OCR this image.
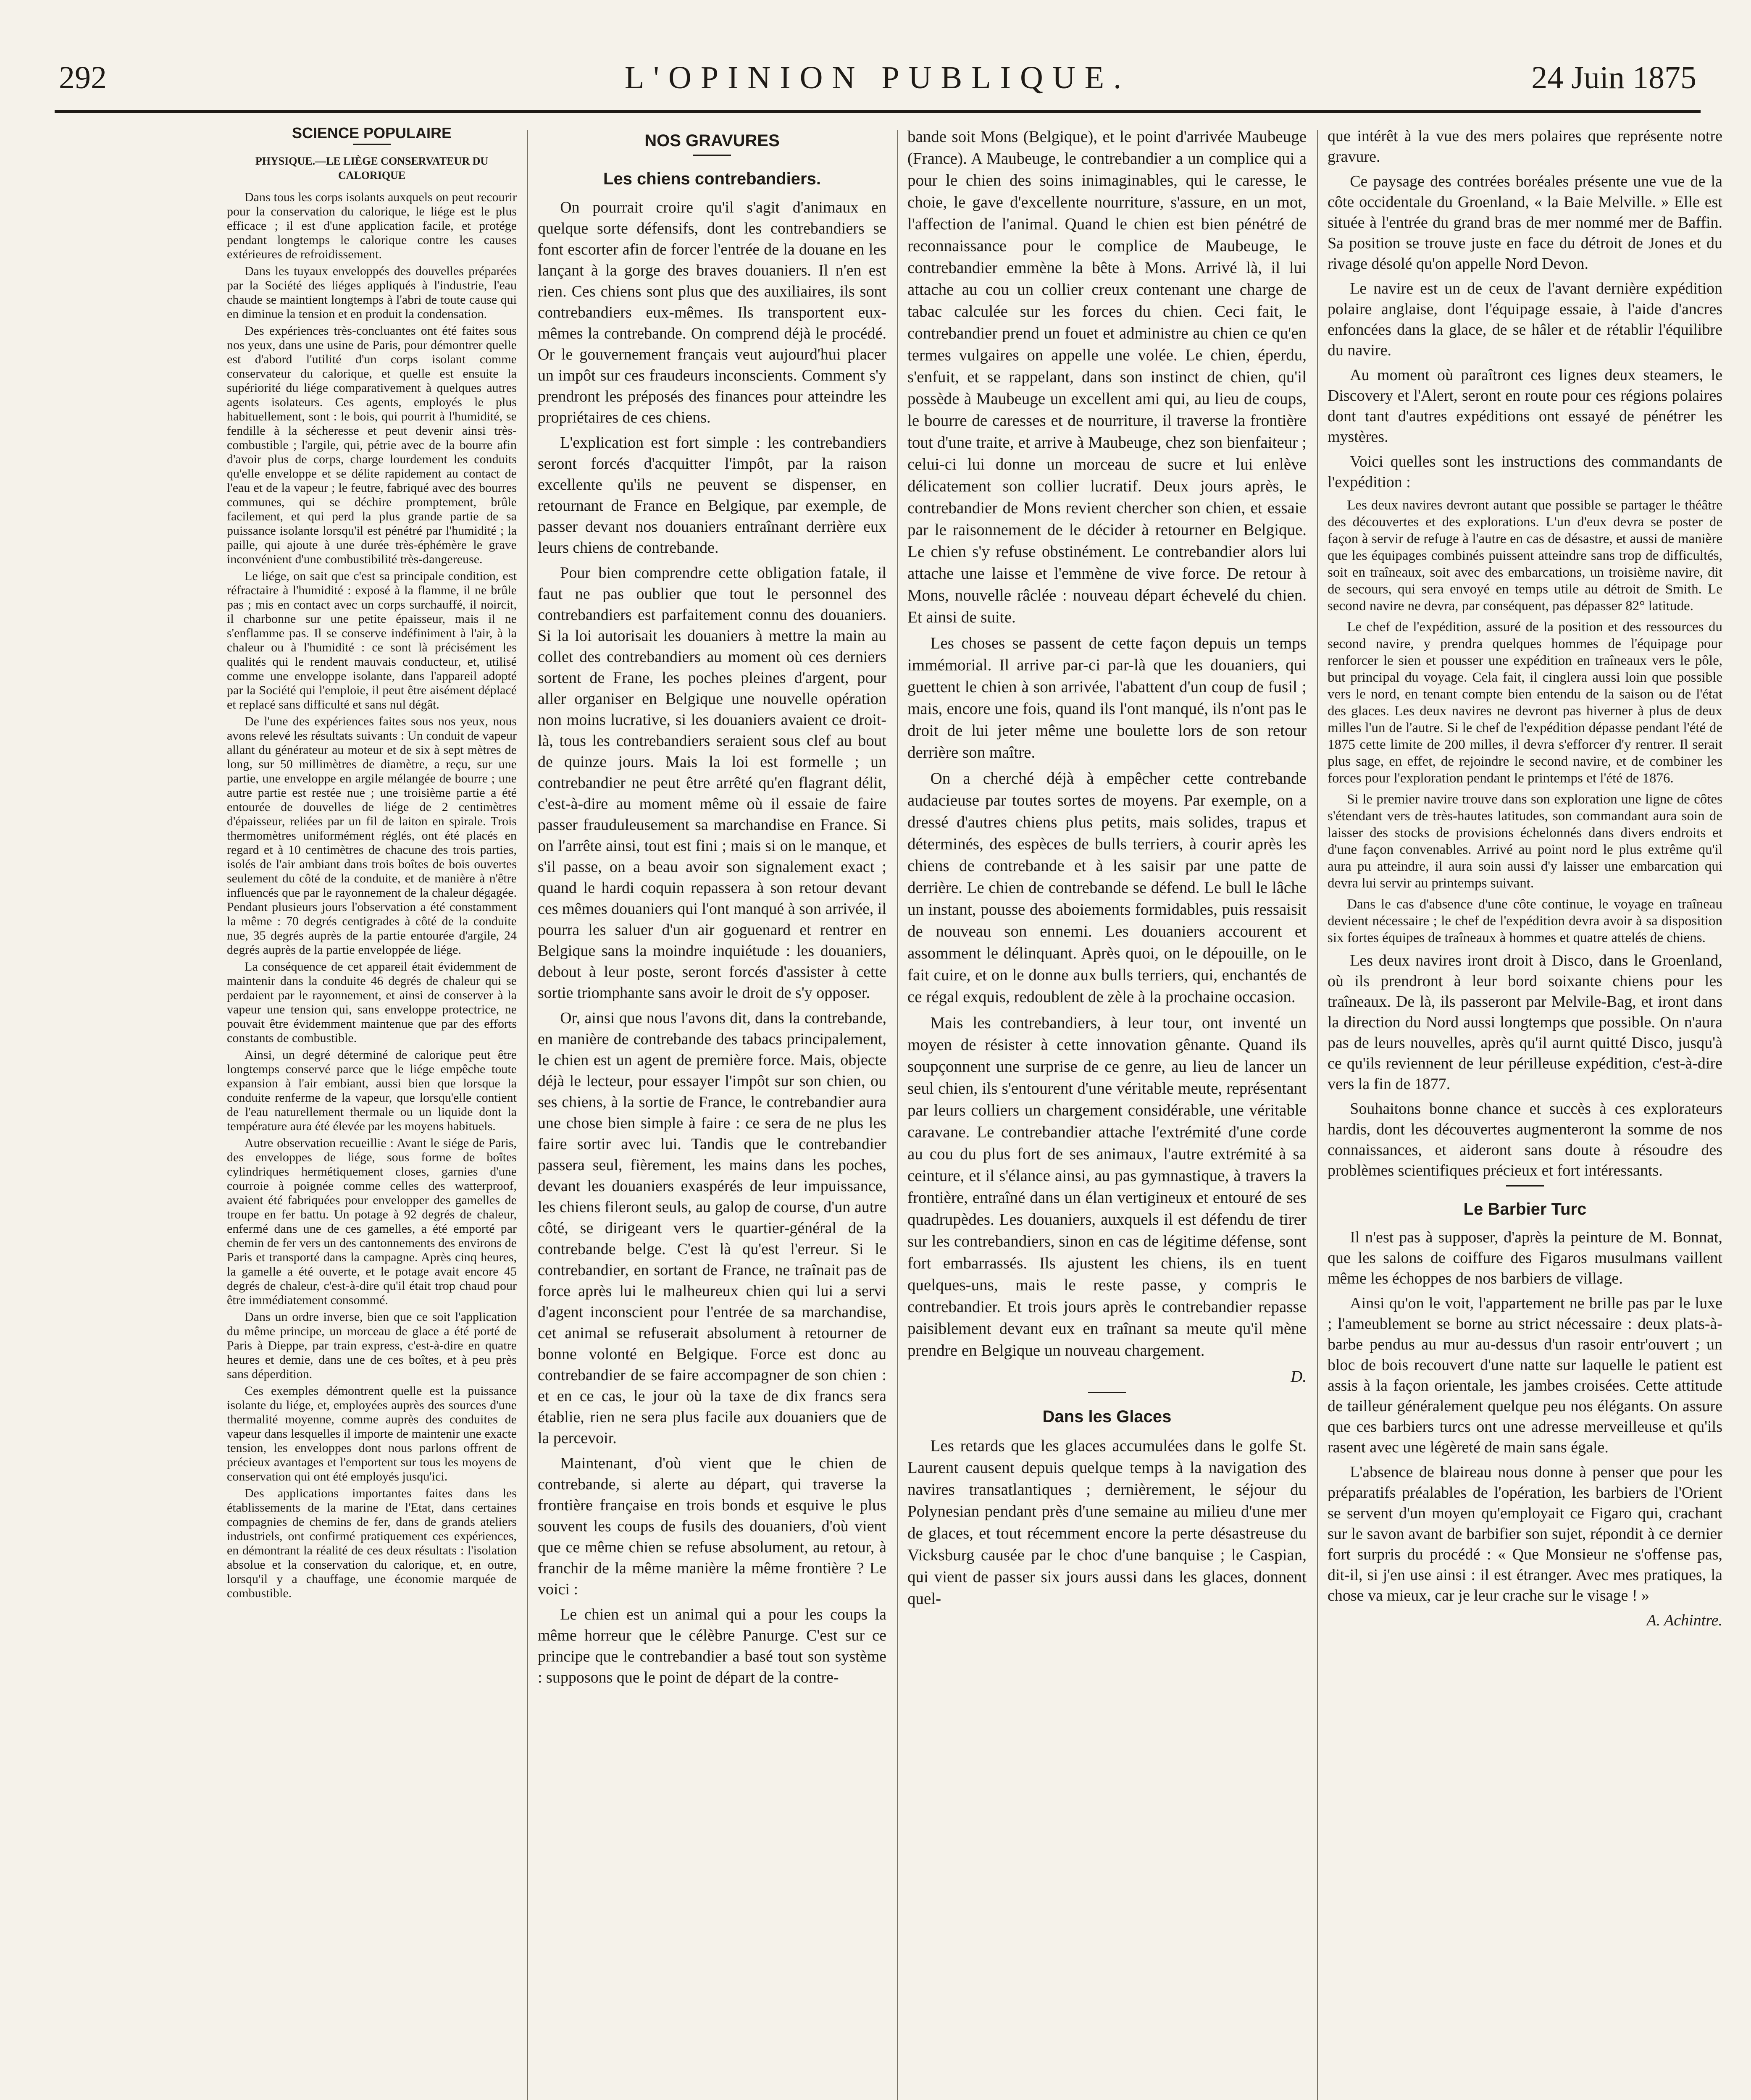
292	L'OPINION PUBLIQUE.	24 Juin 1875
SCIENCE POPULAIRE
PHYSIQUE.—LE LIÈGE CONSERVATEUR DU CALORIQUE

Dans tous les corps isolants auxquels on peut recourir pour la conservation du calorique, le liége est le plus efficace ; il est d'une application facile, et protége pendant longtemps le calorique contre les causes extérieures de refroidissement.

Dans les tuyaux enveloppés des douvelles préparées par la Société des liéges appliqués à l'industrie, l'eau chaude se maintient longtemps à l'abri de toute cause qui en diminue la tension et en produit la condensation.

Des expériences très-concluantes ont été faites sous nos yeux, dans une usine de Paris, pour démontrer quelle est d'abord l'utilité d'un corps isolant comme conservateur du calorique, et quelle est ensuite la supériorité du liége comparativement à quelques autres agents isolateurs. Ces agents, employés le plus habituellement, sont : le bois, qui pourrit à l'humidité, se fendille à la sécheresse et peut devenir ainsi très-combustible ; l'argile, qui, pétrie avec de la bourre afin d'avoir plus de corps, charge lourdement les conduits qu'elle enveloppe et se délite rapidement au contact de l'eau et de la vapeur ; le feutre, fabriqué avec des bourres communes, qui se déchire promptement, brûle facilement, et qui perd la plus grande partie de sa puissance isolante lorsqu'il est pénétré par l'humidité ; la paille, qui ajoute à une durée très-éphémère le grave inconvénient d'une combustibilité très-dangereuse.

Le liége, on sait que c'est sa principale condition, est réfractaire à l'humidité : exposé à la flamme, il ne brûle pas ; mis en contact avec un corps surchauffé, il noircit, il charbonne sur une petite épaisseur, mais il ne s'enflamme pas. Il se conserve indéfiniment à l'air, à la chaleur ou à l'humidité : ce sont là précisément les qualités qui le rendent mauvais conducteur, et, utilisé comme une enveloppe isolante, dans l'appareil adopté par la Société qui l'emploie, il peut être aisément déplacé et replacé sans difficulté et sans nul dégât.

De l'une des expériences faites sous nos yeux, nous avons relevé les résultats suivants : Un conduit de vapeur allant du générateur au moteur et de six à sept mètres de long, sur 50 millimètres de diamètre, a reçu, sur une partie, une enveloppe en argile mélangée de bourre ; une autre partie est restée nue ; une troisième partie a été entourée de douvelles de liége de 2 centimètres d'épaisseur, reliées par un fil de laiton en spirale. Trois thermomètres uniformément réglés, ont été placés en regard et à 10 centimètres de chacune des trois parties, isolés de l'air ambiant dans trois boîtes de bois ouvertes seulement du côté de la conduite, et de manière à n'être influencés que par le rayonnement de la chaleur dégagée. Pendant plusieurs jours l'observation a été constamment la même : 70 degrés centigrades à côté de la conduite nue, 35 degrés auprès de la partie entourée d'argile, 24 degrés auprès de la partie enveloppée de liége.

La conséquence de cet appareil était évidemment de maintenir dans la conduite 46 degrés de chaleur qui se perdaient par le rayonnement, et ainsi de conserver à la vapeur une tension qui, sans enveloppe protectrice, ne pouvait être évidemment maintenue que par des efforts constants de combustible.

Ainsi, un degré déterminé de calorique peut être longtemps conservé parce que le liége empêche toute expansion à l'air embiant, aussi bien que lorsque la conduite renferme de la vapeur, que lorsqu'elle contient de l'eau naturellement thermale ou un liquide dont la température aura été élevée par les moyens habituels.

Autre observation recueillie : Avant le siége de Paris, des enveloppes de liége, sous forme de boîtes cylindriques hermétiquement closes, garnies d'une courroie à poignée comme celles des watterproof, avaient été fabriquées pour envelopper des gamelles de troupe en fer battu. Un potage à 92 degrés de chaleur, enfermé dans une de ces gamelles, a été emporté par chemin de fer vers un des cantonnements des environs de Paris et transporté dans la campagne. Après cinq heures, la gamelle a été ouverte, et le potage avait encore 45 degrés de chaleur, c'est-à-dire qu'il était trop chaud pour être immédiatement consommé.

Dans un ordre inverse, bien que ce soit l'application du même principe, un morceau de glace a été porté de Paris à Dieppe, par train express, c'est-à-dire en quatre heures et demie, dans une de ces boîtes, et à peu près sans déperdition.

Ces exemples démontrent quelle est la puissance isolante du liége, et, employées auprès des sources d'une thermalité moyenne, comme auprès des conduites de vapeur dans lesquelles il importe de maintenir une exacte tension, les enveloppes dont nous parlons offrent de précieux avantages et l'emportent sur tous les moyens de conservation qui ont été employés jusqu'ici.

Des applications importantes faites dans les établissements de la marine de l'Etat, dans certaines compagnies de chemins de fer, dans de grands ateliers industriels, ont confirmé pratiquement ces expériences, en démontrant la réalité de ces deux résultats : l'isolation absolue et la conservation du calorique, et, en outre, lorsqu'il y a chauffage, une économie marquée de combustible.

NOS GRAVURES
Les chiens contrebandiers.

On pourrait croire qu'il s'agit d'animaux en quelque sorte défensifs, dont les contrebandiers se font escorter afin de forcer l'entrée de la douane en les lançant à la gorge des braves douaniers. Il n'en est rien. Ces chiens sont plus que des auxiliaires, ils sont contrebandiers eux-mêmes. Ils transportent eux-mêmes la contrebande. On comprend déjà le procédé. Or le gouvernement français veut aujourd'hui placer un impôt sur ces fraudeurs inconscients. Comment s'y prendront les préposés des finances pour atteindre les propriétaires de ces chiens.

L'explication est fort simple : les contrebandiers seront forcés d'acquitter l'impôt, par la raison excellente qu'ils ne peuvent se dispenser, en retournant de France en Belgique, par exemple, de passer devant nos douaniers entraînant derrière eux leurs chiens de contrebande.

Pour bien comprendre cette obligation fatale, il faut ne pas oublier que tout le personnel des contrebandiers est parfaitement connu des douaniers. Si la loi autorisait les douaniers à mettre la main au collet des contrebandiers au moment où ces derniers sortent de Frane, les poches pleines d'argent, pour aller organiser en Belgique une nouvelle opération non moins lucrative, si les douaniers avaient ce droit-là, tous les contrebandiers seraient sous clef au bout de quinze jours. Mais la loi est formelle ; un contrebandier ne peut être arrêté qu'en flagrant délit, c'est-à-dire au moment même où il essaie de faire passer frauduleusement sa marchandise en France. Si on l'arrête ainsi, tout est fini ; mais si on le manque, et s'il passe, on a beau avoir son signalement exact ; quand le hardi coquin repassera à son retour devant ces mêmes douaniers qui l'ont manqué à son arrivée, il pourra les saluer d'un air goguenard et rentrer en Belgique sans la moindre inquiétude : les douaniers, debout à leur poste, seront forcés d'assister à cette sortie triomphante sans avoir le droit de s'y opposer.

Or, ainsi que nous l'avons dit, dans la contrebande, en manière de contrebande des tabacs principalement, le chien est un agent de première force. Mais, objecte déjà le lecteur, pour essayer l'impôt sur son chien, ou ses chiens, à la sortie de France, le contrebandier aura une chose bien simple à faire : ce sera de ne plus les faire sortir avec lui. Tandis que le contrebandier passera seul, fièrement, les mains dans les poches, devant les douaniers exaspérés de leur impuissance, les chiens fileront seuls, au galop de course, d'un autre côté, se dirigeant vers le quartier-général de la contrebande belge. C'est là qu'est l'erreur. Si le contrebandier, en sortant de France, ne traînait pas de force après lui le malheureux chien qui lui a servi d'agent inconscient pour l'entrée de sa marchandise, cet animal se refuserait absolument à retourner de bonne volonté en Belgique. Force est donc au contrebandier de se faire accompagner de son chien : et en ce cas, le jour où la taxe de dix francs sera établie, rien ne sera plus facile aux douaniers que de la percevoir.

Maintenant, d'où vient que le chien de contrebande, si alerte au départ, qui traverse la frontière française en trois bonds et esquive le plus souvent les coups de fusils des douaniers, d'où vient que ce même chien se refuse absolument, au retour, à franchir de la même manière la même frontière ? Le voici :

Le chien est un animal qui a pour les coups la même horreur que le célèbre Panurge. C'est sur ce principe que le contrebandier a basé tout son système : supposons que le point de départ de la contre-

bande soit Mons (Belgique), et le point d'arrivée Maubeuge (France). A Maubeuge, le contrebandier a un complice qui a pour le chien des soins inimaginables, qui le caresse, le choie, le gave d'excellente nourriture, s'assure, en un mot, l'affection de l'animal. Quand le chien est bien pénétré de reconnaissance pour le complice de Maubeuge, le contrebandier emmène la bête à Mons. Arrivé là, il lui attache au cou un collier creux contenant une charge de tabac calculée sur les forces du chien. Ceci fait, le contrebandier prend un fouet et administre au chien ce qu'en termes vulgaires on appelle une volée. Le chien, éperdu, s'enfuit, et se rappelant, dans son instinct de chien, qu'il possède à Maubeuge un excellent ami qui, au lieu de coups, le bourre de caresses et de nourriture, il traverse la frontière tout d'une traite, et arrive à Maubeuge, chez son bienfaiteur ; celui-ci lui donne un morceau de sucre et lui enlève délicatement son collier lucratif. Deux jours après, le contrebandier de Mons revient chercher son chien, et essaie par le raisonnement de le décider à retourner en Belgique. Le chien s'y refuse obstinément. Le contrebandier alors lui attache une laisse et l'emmène de vive force. De retour à Mons, nouvelle râclée : nouveau départ échevelé du chien. Et ainsi de suite.

Les choses se passent de cette façon depuis un temps immémorial. Il arrive par-ci par-là que les douaniers, qui guettent le chien à son arrivée, l'abattent d'un coup de fusil ; mais, encore une fois, quand ils l'ont manqué, ils n'ont pas le droit de lui jeter même une boulette lors de son retour derrière son maître.

On a cherché déjà à empêcher cette contrebande audacieuse par toutes sortes de moyens. Par exemple, on a dressé d'autres chiens plus petits, mais solides, trapus et déterminés, des espèces de bulls terriers, à courir après les chiens de contrebande et à les saisir par une patte de derrière. Le chien de contrebande se défend. Le bull le lâche un instant, pousse des aboiements formidables, puis ressaisit de nouveau son ennemi. Les douaniers accourent et assomment le délinquant. Après quoi, on le dépouille, on le fait cuire, et on le donne aux bulls terriers, qui, enchantés de ce régal exquis, redoublent de zèle à la prochaine occasion.

Mais les contrebandiers, à leur tour, ont inventé un moyen de résister à cette innovation gênante. Quand ils soupçonnent une surprise de ce genre, au lieu de lancer un seul chien, ils s'entourent d'une véritable meute, représentant par leurs colliers un chargement considérable, une véritable caravane. Le contrebandier attache l'extrémité d'une corde au cou du plus fort de ses animaux, l'autre extrémité à sa ceinture, et il s'élance ainsi, au pas gymnastique, à travers la frontière, entraîné dans un élan vertigineux et entouré de ses quadrupèdes. Les douaniers, auxquels il est défendu de tirer sur les contrebandiers, sinon en cas de légitime défense, sont fort embarrassés. Ils ajustent les chiens, ils en tuent quelques-uns, mais le reste passe, y compris le contrebandier. Et trois jours après le contrebandier repasse paisiblement devant eux en traînant sa meute qu'il mène prendre en Belgique un nouveau chargement.

D.

Dans les Glaces

Les retards que les glaces accumulées dans le golfe St. Laurent causent depuis quelque temps à la navigation des navires transatlantiques ; dernièrement, le séjour du Polynesian pendant près d'une semaine au milieu d'une mer de glaces, et tout récemment encore la perte désastreuse du Vicksburg causée par le choc d'une banquise ; le Caspian, qui vient de passer six jours aussi dans les glaces, donnent quel-

que intérêt à la vue des mers polaires que représente notre gravure.

Ce paysage des contrées boréales présente une vue de la côte occidentale du Groenland, « la Baie Melville. » Elle est située à l'entrée du grand bras de mer nommé mer de Baffin. Sa position se trouve juste en face du détroit de Jones et du rivage désolé qu'on appelle Nord Devon.

Le navire est un de ceux de l'avant dernière expédition polaire anglaise, dont l'équipage essaie, à l'aide d'ancres enfoncées dans la glace, de se hâler et de rétablir l'équilibre du navire.

Au moment où paraîtront ces lignes deux steamers, le Discovery et l'Alert, seront en route pour ces régions polaires dont tant d'autres expéditions ont essayé de pénétrer les mystères.

Voici quelles sont les instructions des commandants de l'expédition :

Les deux navires devront autant que possible se partager le théâtre des découvertes et des explorations. L'un d'eux devra se poster de façon à servir de refuge à l'autre en cas de désastre, et aussi de manière que les équipages combinés puissent atteindre sans trop de difficultés, soit en traîneaux, soit avec des embarcations, un troisième navire, dit de secours, qui sera envoyé en temps utile au détroit de Smith. Le second navire ne devra, par conséquent, pas dépasser 82° latitude.

Le chef de l'expédition, assuré de la position et des ressources du second navire, y prendra quelques hommes de l'équipage pour renforcer le sien et pousser une expédition en traîneaux vers le pôle, but principal du voyage. Cela fait, il cinglera aussi loin que possible vers le nord, en tenant compte bien entendu de la saison ou de l'état des glaces. Les deux navires ne devront pas hiverner à plus de deux milles l'un de l'autre. Si le chef de l'expédition dépasse pendant l'été de 1875 cette limite de 200 milles, il devra s'efforcer d'y rentrer. Il serait plus sage, en effet, de rejoindre le second navire, et de combiner les forces pour l'exploration pendant le printemps et l'été de 1876.

Si le premier navire trouve dans son exploration une ligne de côtes s'étendant vers de très-hautes latitudes, son commandant aura soin de laisser des stocks de provisions échelonnés dans divers endroits et d'une façon convenables. Arrivé au point nord le plus extrême qu'il aura pu atteindre, il aura soin aussi d'y laisser une embarcation qui devra lui servir au printemps suivant.

Dans le cas d'absence d'une côte continue, le voyage en traîneau devient nécessaire ; le chef de l'expédition devra avoir à sa disposition six fortes équipes de traîneaux à hommes et quatre attelés de chiens.

Les deux navires iront droit à Disco, dans le Groenland, où ils prendront à leur bord soixante chiens pour les traîneaux. De là, ils passeront par Melvile-Bag, et iront dans la direction du Nord aussi longtemps que possible. On n'aura pas de leurs nouvelles, après qu'il aurnt quitté Disco, jusqu'à ce qu'ils reviennent de leur périlleuse expédition, c'est-à-dire vers la fin de 1877.

Souhaitons bonne chance et succès à ces explorateurs hardis, dont les découvertes augmenteront la somme de nos connaissances, et aideront sans doute à résoudre des problèmes scientifiques précieux et fort intéressants.

Le Barbier Turc

Il n'est pas à supposer, d'après la peinture de M. Bonnat, que les salons de coiffure des Figaros musulmans vaillent même les échoppes de nos barbiers de village.

Ainsi qu'on le voit, l'appartement ne brille pas par le luxe ; l'ameublement se borne au strict nécessaire : deux plats-à-barbe pendus au mur au-dessus d'un rasoir entr'ouvert ; un bloc de bois recouvert d'une natte sur laquelle le patient est assis à la façon orientale, les jambes croisées. Cette attitude de tailleur généralement quelque peu nos élégants. On assure que ces barbiers turcs ont une adresse merveilleuse et qu'ils rasent avec une légèreté de main sans égale.

L'absence de blaireau nous donne à penser que pour les préparatifs préalables de l'opération, les barbiers de l'Orient se servent d'un moyen qu'employait ce Figaro qui, crachant sur le savon avant de barbifier son sujet, répondit à ce dernier fort surpris du procédé : « Que Monsieur ne s'offense pas, dit-il, si j'en use ainsi : il est étranger. Avec mes pratiques, la chose va mieux, car je leur crache sur le visage ! »

A. Achintre.
